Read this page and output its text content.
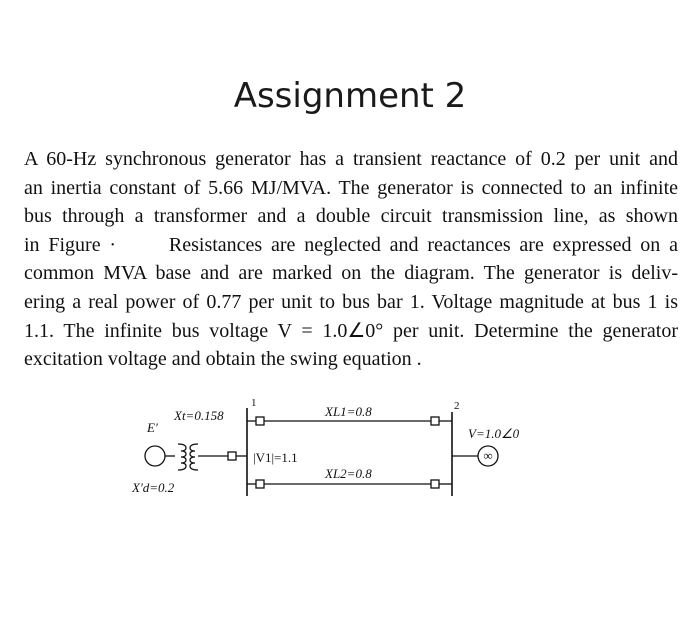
Assignment 2
A 60-Hz synchronous generator has a transient reactance of 0.2 per unit and
an inertia constant of 5.66 MJ/MVA. The generator is connected to an infinite
bus through a transformer and a double circuit transmission line, as shown
in Figure ·      Resistances are neglected and reactances are expressed on a
common MVA base and are marked on the diagram. The generator is deliv-
ering a real power of 0.77 per unit to bus bar 1. Voltage magnitude at bus 1 is
1.1. The infinite bus voltage V = 1.0∠0° per unit. Determine the generator
excitation voltage and obtain the swing equation .
E′
X′d=0.2
Xt=0.158
1
|V1|=1.1
XL1=0.8
XL2=0.8
2
V=1.0∠0
∞
